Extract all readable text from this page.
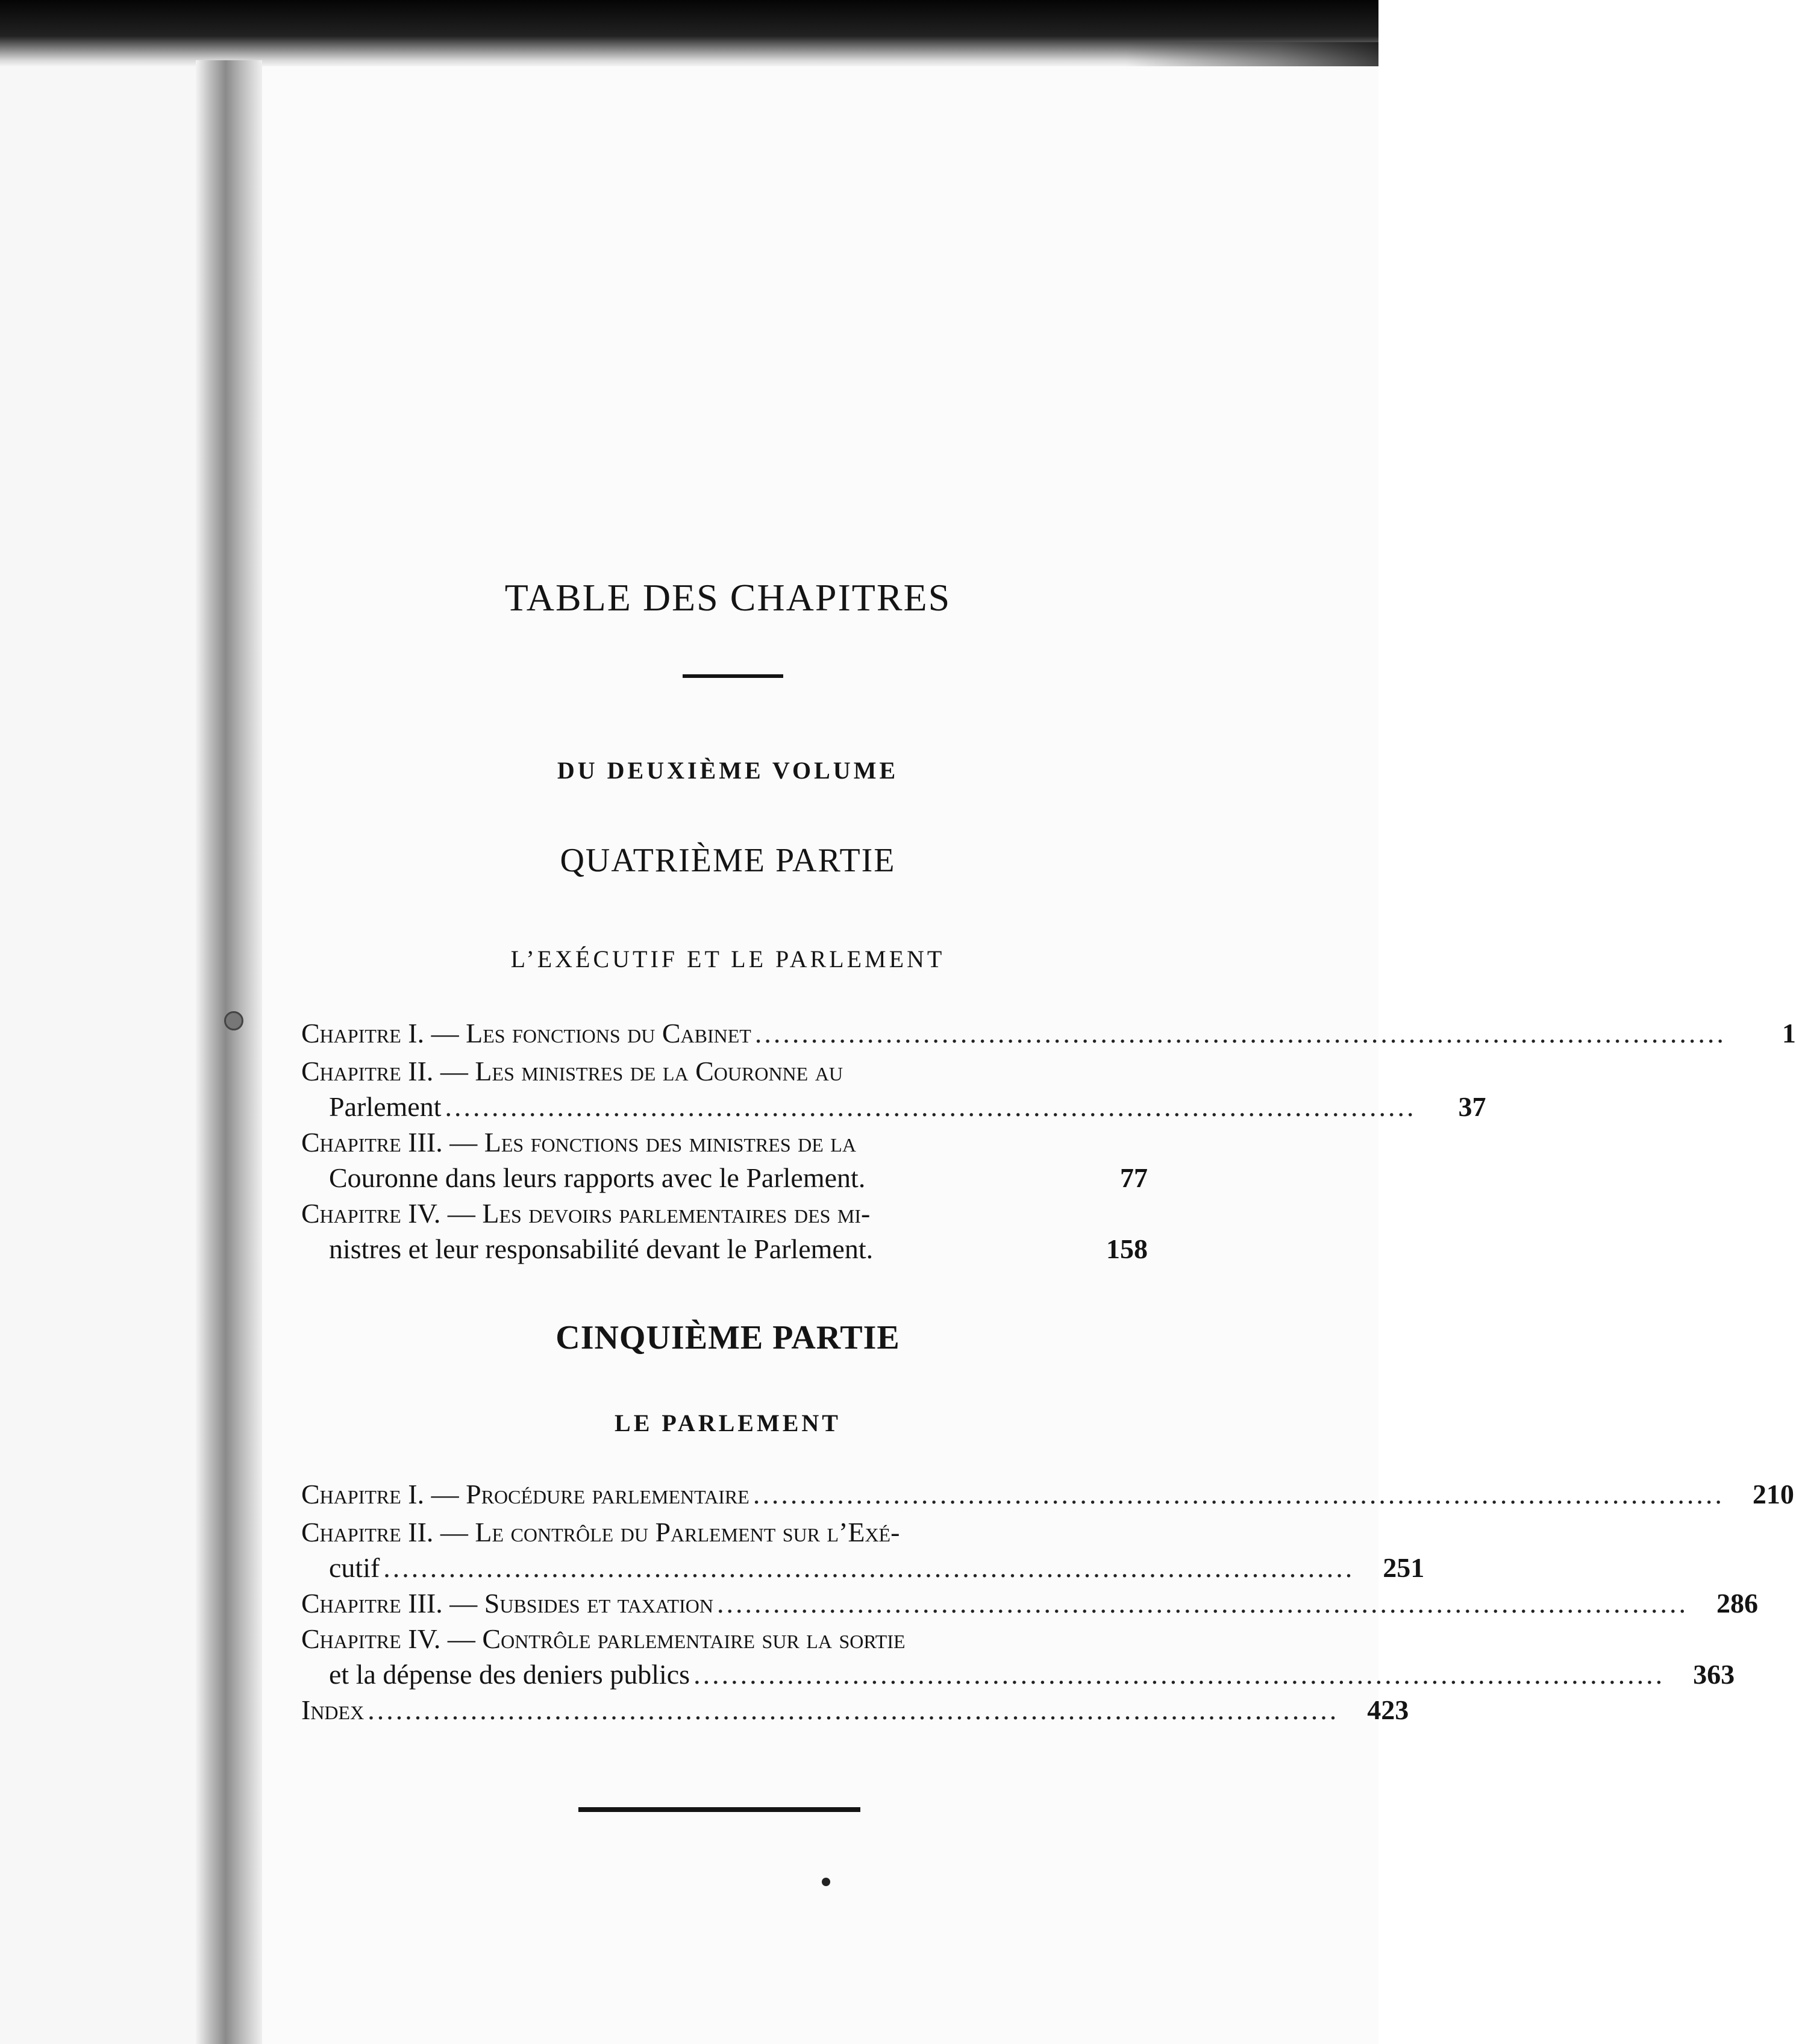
TABLE DES CHAPITRES
DU DEUXIÈME VOLUME
QUATRIÈME PARTIE
L’EXÉCUTIF ET LE PARLEMENT
Chapitre I. — Les fonctions du Cabinet ........................................................................................................	1
Chapitre II. — Les ministres de la Couronne au
Parlement ........................................................................................................	37
Chapitre III. — Les fonctions des ministres de la
Couronne dans leurs rapports avec le Parlement.	77
Chapitre IV. — Les devoirs parlementaires des mi-
nistres et leur responsabilité devant le Parlement.	158
CINQUIÈME PARTIE
LE PARLEMENT
Chapitre I. — Procédure parlementaire ........................................................................................................	210
Chapitre II. — Le contrôle du Parlement sur l’Exé-
cutif ........................................................................................................	251
Chapitre III. — Subsides et taxation ........................................................................................................	286
Chapitre IV. — Contrôle parlementaire sur la sortie
et la dépense des deniers publics ........................................................................................................	363
Index ........................................................................................................	423
